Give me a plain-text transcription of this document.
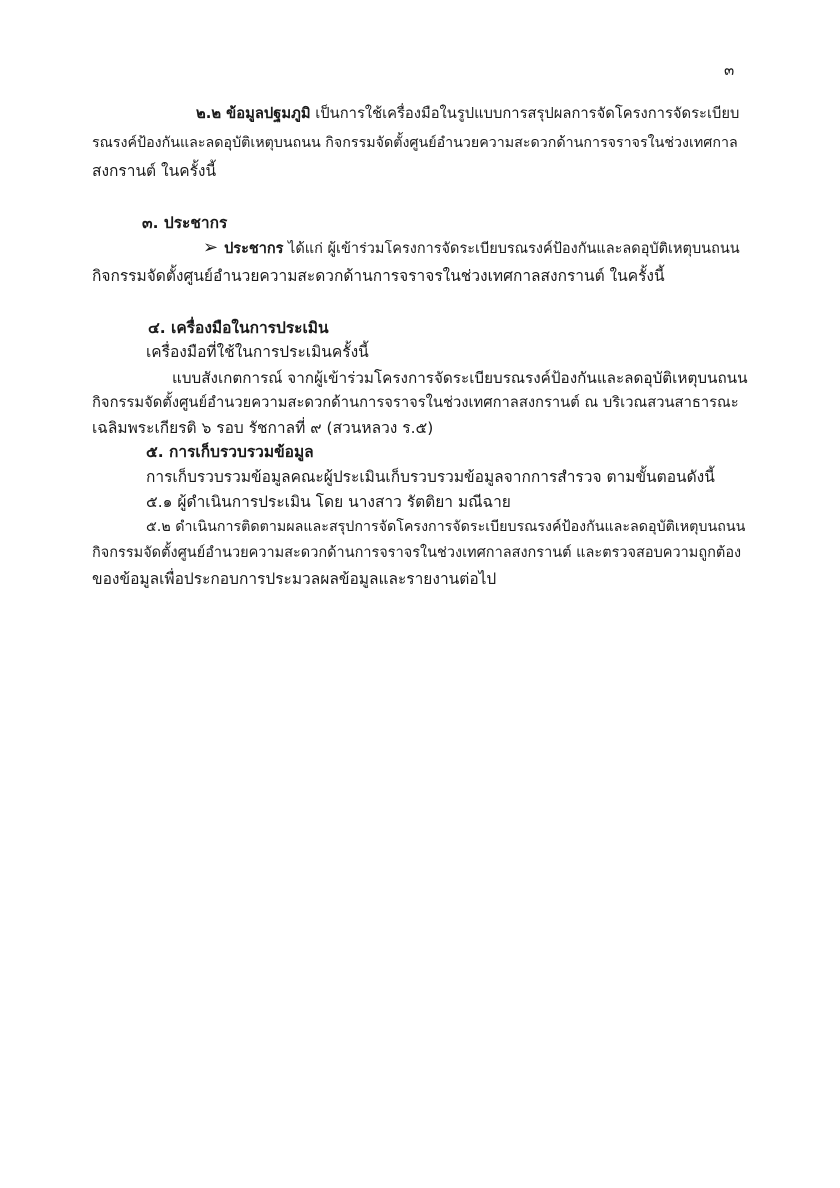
๓
๒.๒ ข้อมูลปฐมภูมิ เป็นการใช้เครื่องมือในรูปแบบการสรุปผลการจัดโครงการจัดระเบียบ
รณรงค์ป้องกันและลดอุบัติเหตุบนถนน กิจกรรมจัดตั้งศูนย์อำนวยความสะดวกด้านการจราจรในช่วงเทศกาล
สงกรานต์ ในครั้งนี้
๓. ประชากร
➢ ประชากร ได้แก่ ผู้เข้าร่วมโครงการจัดระเบียบรณรงค์ป้องกันและลดอุบัติเหตุบนถนน
กิจกรรมจัดตั้งศูนย์อำนวยความสะดวกด้านการจราจรในช่วงเทศกาลสงกรานต์ ในครั้งนี้
๔. เครื่องมือในการประเมิน
เครื่องมือที่ใช้ในการประเมินครั้งนี้
แบบสังเกตการณ์ จากผู้เข้าร่วมโครงการจัดระเบียบรณรงค์ป้องกันและลดอุบัติเหตุบนถนน
กิจกรรมจัดตั้งศูนย์อำนวยความสะดวกด้านการจราจรในช่วงเทศกาลสงกรานต์ ณ บริเวณสวนสาธารณะ
เฉลิมพระเกียรติ ๖ รอบ รัชกาลที่ ๙ (สวนหลวง ร.๕)
๕. การเก็บรวบรวมข้อมูล
การเก็บรวบรวมข้อมูลคณะผู้ประเมินเก็บรวบรวมข้อมูลจากการสำรวจ ตามขั้นตอนดังนี้
๕.๑ ผู้ดำเนินการประเมิน โดย นางสาว รัตติยา มณีฉาย
๕.๒ ดำเนินการติดตามผลและสรุปการจัดโครงการจัดระเบียบรณรงค์ป้องกันและลดอุบัติเหตุบนถนน
กิจกรรมจัดตั้งศูนย์อำนวยความสะดวกด้านการจราจรในช่วงเทศกาลสงกรานต์ และตรวจสอบความถูกต้อง
ของข้อมูลเพื่อประกอบการประมวลผลข้อมูลและรายงานต่อไป
